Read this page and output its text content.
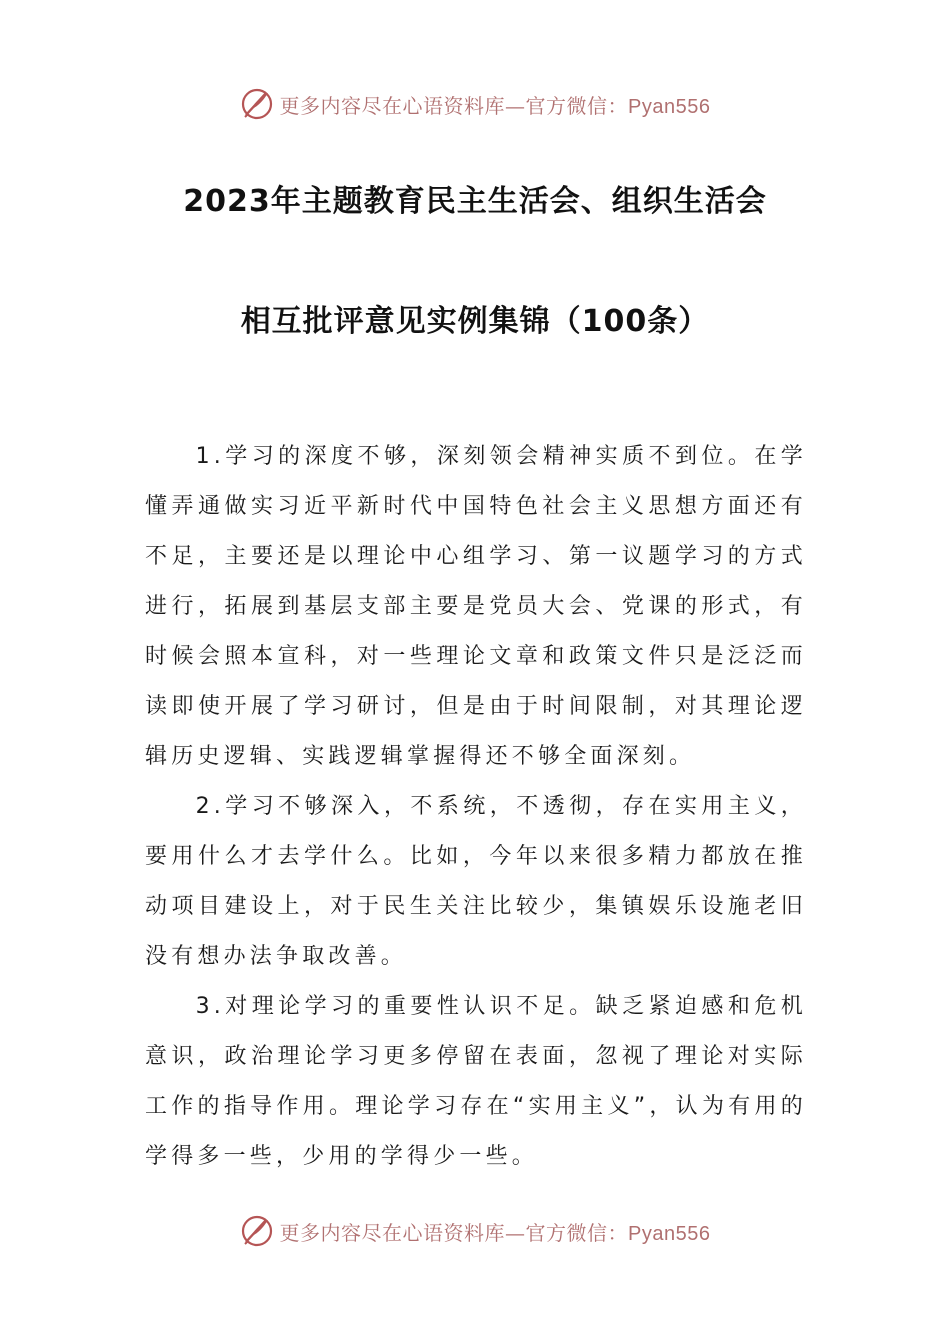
更多内容尽在心语资料库—官方微信：Pyan556
2023年主题教育民主生活会、组织生活会
相互批评意见实例集锦（100条）

1.学习的深度不够，深刻领会精神实质不到位。在学懂弄通做实习近平新时代中国特色社会主义思想方面还有不足，主要还是以理论中心组学习、第一议题学习的方式进行，拓展到基层支部主要是党员大会、党课的形式，有时候会照本宣科，对一些理论文章和政策文件只是泛泛而读即使开展了学习研讨，但是由于时间限制，对其理论逻辑历史逻辑、实践逻辑掌握得还不够全面深刻。

2.学习不够深入，不系统，不透彻，存在实用主义，要用什么才去学什么。比如，今年以来很多精力都放在推动项目建设上，对于民生关注比较少，集镇娱乐设施老旧没有想办法争取改善。

3.对理论学习的重要性认识不足。缺乏紧迫感和危机意识，政治理论学习更多停留在表面，忽视了理论对实际工作的指导作用。理论学习存在“实用主义”，认为有用的学得多一些，少用的学得少一些。

更多内容尽在心语资料库—官方微信：Pyan556
